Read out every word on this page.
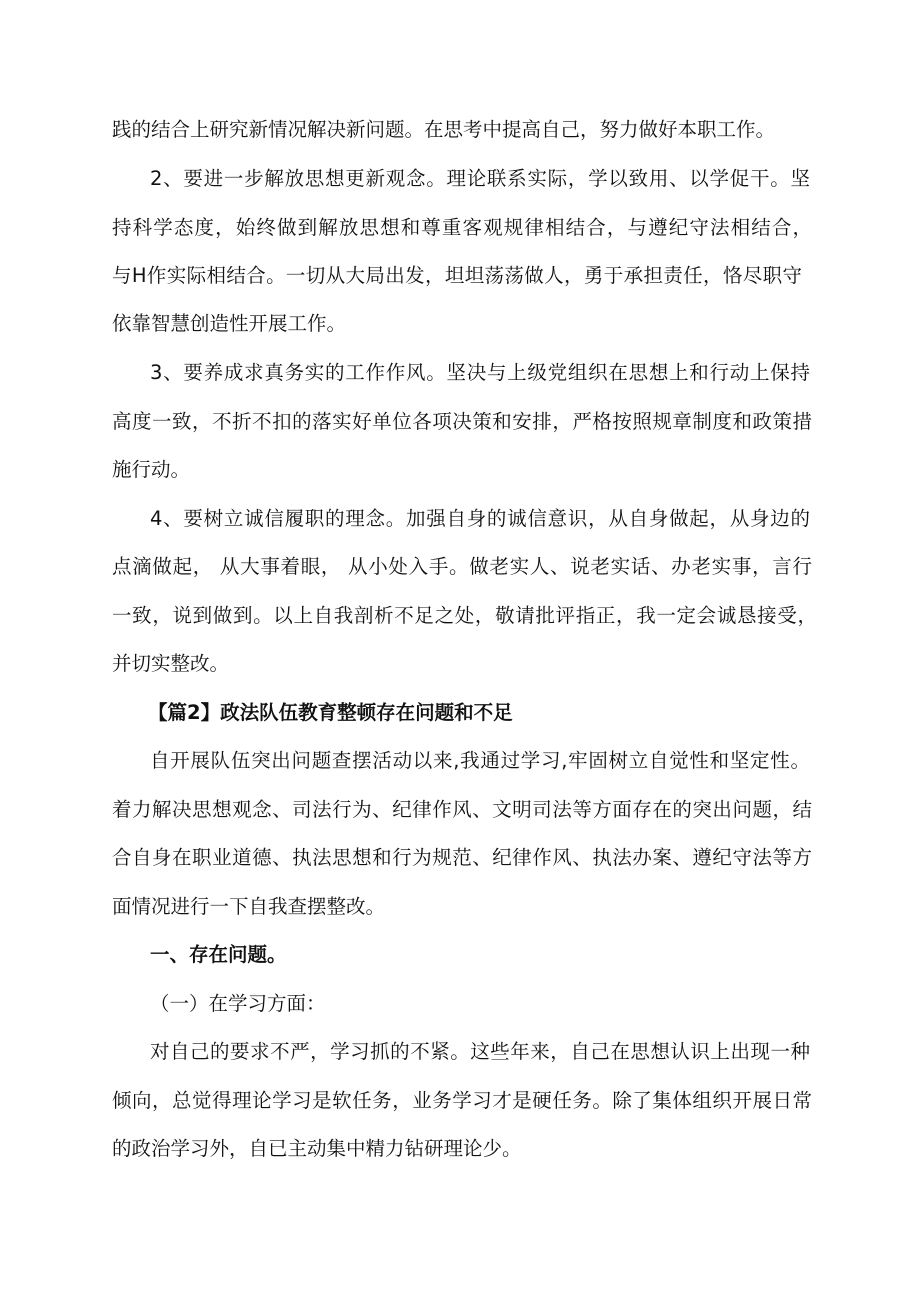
践的结合上研究新情况解决新问题。在思考中提高自己，努力做好本职工作。
2、要进一步解放思想更新观念。理论联系实际，学以致用、以学促干。坚
持科学态度，始终做到解放思想和尊重客观规律相结合，与遵纪守法相结合，
与H作实际相结合。一切从大局出发，坦坦荡荡做人，勇于承担责任，恪尽职守
依靠智慧创造性开展工作。
3、要养成求真务实的工作作风。坚决与上级党组织在思想上和行动上保持
高度一致，不折不扣的落实好单位各项决策和安排，严格按照规章制度和政策措
施行动。
4、要树立诚信履职的理念。加强自身的诚信意识，从自身做起，从身边的
点滴做起， 从大事着眼， 从小处入手。做老实人、说老实话、办老实事，言行
一致，说到做到。以上自我剖析不足之处，敬请批评指正，我一定会诚恳接受，
并切实整改。
【篇2】政法队伍教育整顿存在问题和不足
自开展队伍突出问题查摆活动以来,我通过学习,牢固树立自觉性和坚定性。
着力解决思想观念、司法行为、纪律作风、文明司法等方面存在的突出问题，结
合自身在职业道德、执法思想和行为规范、纪律作风、执法办案、遵纪守法等方
面情况进行一下自我查摆整改。
一、存在问题。
（一）在学习方面：
对自己的要求不严，学习抓的不紧。这些年来，自己在思想认识上出现一种
倾向，总觉得理论学习是软任务，业务学习才是硬任务。除了集体组织开展日常
的政治学习外，自已主动集中精力钻研理论少。
